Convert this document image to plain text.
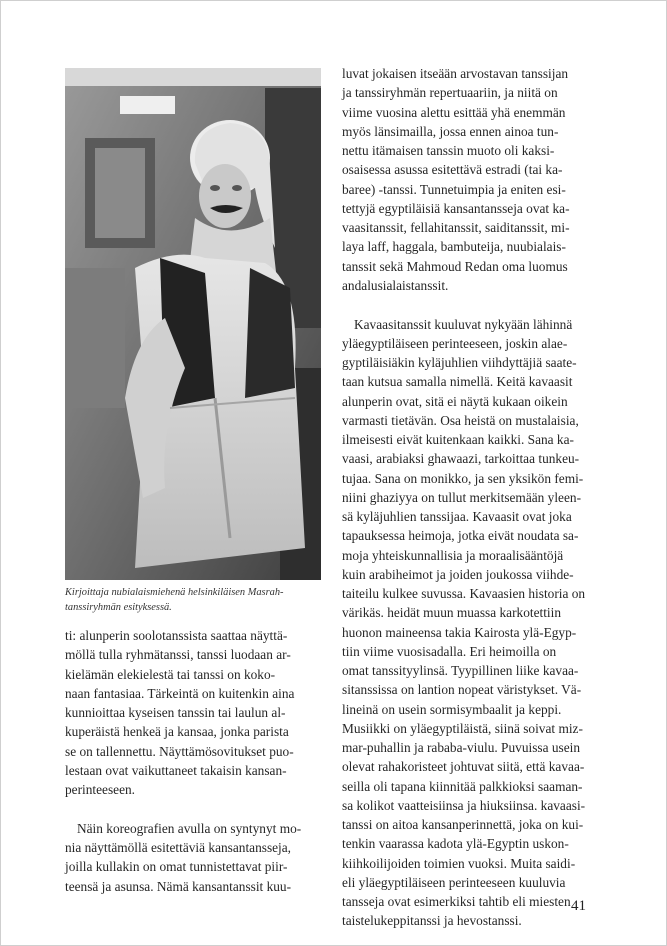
Kirjoittaja nubialaismiehenä helsinkiläisen Masrah-
tanssiryhmän esityksessä.

ti: alunperin soolotanssista saattaa näyttä-
möllä tulla ryhmätanssi, tanssi luodaan ar-
kielämän elekielestä tai tanssi on koko-
naan fantasiaa. Tärkeintä on kuitenkin aina
kunnioittaa kyseisen tanssin tai laulun al-
kuperäistä henkeä ja kansaa, jonka parista
se on tallennettu. Näyttämösovitukset puo-
lestaan ovat vaikuttaneet takaisin kansan-
perinteeseen.

Näin koreografien avulla on syntynyt mo-
nia näyttämöllä esitettäviä kansantansseja,
joilla kullakin on omat tunnistettavat piir-
teensä ja asunsa. Nämä kansantanssit kuu-

luvat jokaisen itseään arvostavan tanssijan
ja tanssiryhmän repertuaariin, ja niitä on
viime vuosina alettu esittää yhä enemmän
myös länsimailla, jossa ennen ainoa tun-
nettu itämaisen tanssin muoto oli kaksi-
osaisessa asussa esitettävä estradi (tai ka-
baree) -tanssi. Tunnetuimpia ja eniten esi-
tettyjä egyptiläisiä kansantansseja ovat ka-
vaasitanssit, fellahitanssit, saiditanssit, mi-
laya laff, haggala, bambuteija, nuubialais-
tanssit sekä Mahmoud Redan oma luomus
andalusialaistanssit.

Kavaasitanssit kuuluvat nykyään lähinnä
yläegyptiläiseen perinteeseen, joskin alae-
gyptiläisiäkin kyläjuhlien viihdyttäjiä saate-
taan kutsua samalla nimellä. Keitä kavaasit
alunperin ovat, sitä ei näytä kukaan oikein
varmasti tietävän. Osa heistä on mustalaisia,
ilmeisesti eivät kuitenkaan kaikki. Sana ka-
vaasi, arabiaksi ghawaazi, tarkoittaa tunkeu-
tujaa. Sana on monikko, ja sen yksikön femi-
niini ghaziyya on tullut merkitsemään yleen-
sä kyläjuhlien tanssijaa. Kavaasit ovat joka
tapauksessa heimoja, jotka eivät noudata sa-
moja yhteiskunnallisia ja moraalisääntöjä
kuin arabiheimot ja joiden joukossa viihde-
taiteilu kulkee suvussa. Kavaasien historia on
värikäs. heidät muun muassa karkotettiin
huonon maineensa takia Kairosta ylä-Egyp-
tiin viime vuosisadalla. Eri heimoilla on
omat tanssityylinsä. Tyypillinen liike kavaa-
sitanssissa on lantion nopeat väristykset. Vä-
lineinä on usein sormisymbaalit ja keppi.
Musiikki on yläegyptiläistä, siinä soivat miz-
mar-puhallin ja rababa-viulu. Puvuissa usein
olevat rahakoristeet johtuvat siitä, että kavaa-
seilla oli tapana kiinnitää palkkioksi saaman-
sa kolikot vaatteisiinsa ja hiuksiinsa. kavaasi-
tanssi on aitoa kansanperinnettä, joka on kui-
tenkin vaarassa kadota ylä-Egyptin uskon-
kiihkoilijoiden toimien vuoksi. Muita saidi-
eli yläegyptiläiseen perinteeseen kuuluvia
tansseja ovat esimerkiksi tahtib eli miesten
taistelukeppitanssi ja hevostanssi.

41
